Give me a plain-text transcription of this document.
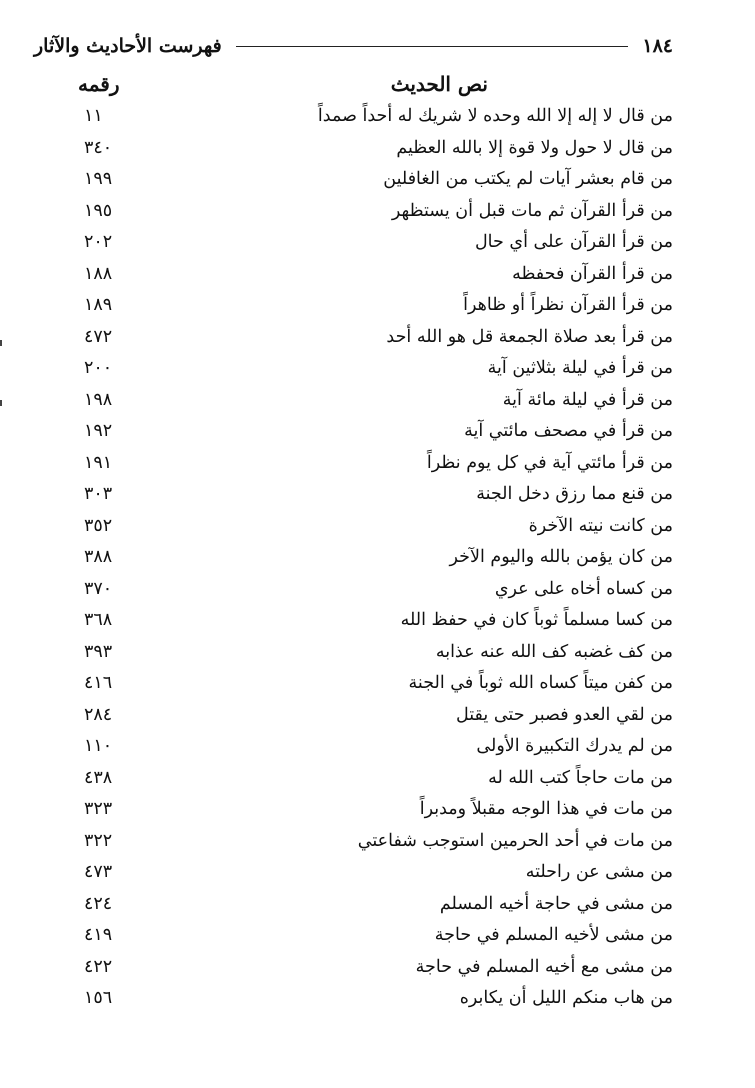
فهرست الأحاديث والآثار	١٨٤
نص الحديث
رقمه
من قال لا إله إلا الله وحده لا شريك له أحداً صمداً
١١
من قال لا حول ولا قوة إلا بالله العظيم
٣٤٠
من قام بعشر آيات لم يكتب من الغافلين
١٩٩
من قرأ القرآن ثم مات قبل أن يستظهر
١٩٥
من قرأ القرآن على أي حال
٢٠٢
من قرأ القرآن فحفظه
١٨٨
من قرأ القرآن نظراً أو ظاهراً
١٨٩
من قرأ بعد صلاة الجمعة قل هو الله أحد
٤٧٢
من قرأ في ليلة بثلاثين آية
٢٠٠
من قرأ في ليلة مائة آية
١٩٨
من قرأ في مصحف مائتي آية
١٩٢
من قرأ مائتي آية في كل يوم نظراً
١٩١
من قنع مما رزق دخل الجنة
٣٠٣
من كانت نيته الآخرة
٣٥٢
من كان يؤمن بالله واليوم الآخر
٣٨٨
من كساه أخاه على عري
٣٧٠
من كسا مسلماً ثوباً كان في حفظ الله
٣٦٨
من كف غضبه كف الله عنه عذابه
٣٩٣
من كفن ميتاً كساه الله ثوباً في الجنة
٤١٦
من لقي العدو فصبر حتى يقتل
٢٨٤
من لم يدرك التكبيرة الأولى
١١٠
من مات حاجاً كتب الله له
٤٣٨
من مات في هذا الوجه مقبلاً ومدبراً
٣٢٣
من مات في أحد الحرمين استوجب شفاعتي
٣٢٢
من مشى عن راحلته
٤٧٣
من مشى في حاجة أخيه المسلم
٤٢٤
من مشى لأخيه المسلم في حاجة
٤١٩
من مشى مع أخيه المسلم في حاجة
٤٢٢
من هاب منكم الليل أن يكابره
١٥٦
